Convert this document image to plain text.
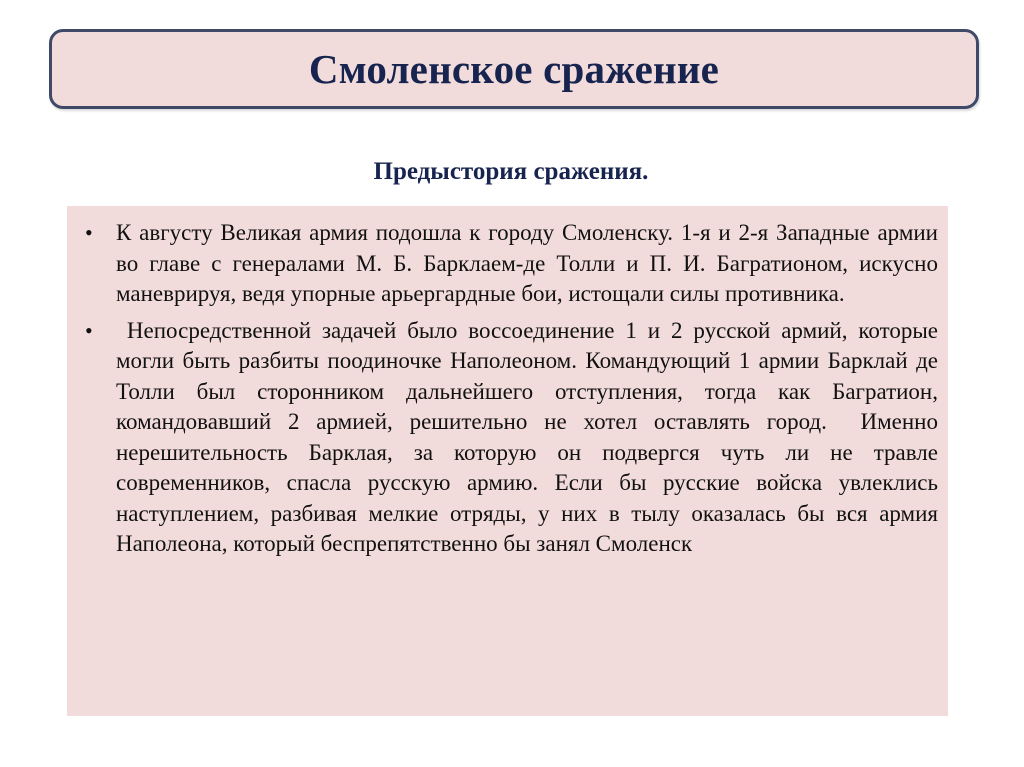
Смоленское сражение
Предыстория сражения.
• К августу Великая армия подошла к городу Смоленску. 1-я и 2-я Западные армии во главе с генералами М. Б. Барклаем-де Толли и П. И. Багратионом, искусно маневрируя, ведя упорные арьергардные бои, истощали силы противника.
• Непосредственной задачей было воссоединение 1 и 2 русской армий, которые могли быть разбиты поодиночке Наполеоном. Командующий 1 армии Барклай де Толли был сторонником дальнейшего отступления, тогда как Багратион, командовавший 2 армией, решительно не хотел оставлять город.  Именно нерешительность Барклая, за которую он подвергся чуть ли не травле современников, спасла русскую армию. Если бы русские войска увлеклись наступлением, разбивая мелкие отряды, у них в тылу оказалась бы вся армия Наполеона, который беспрепятственно бы занял Смоленск
